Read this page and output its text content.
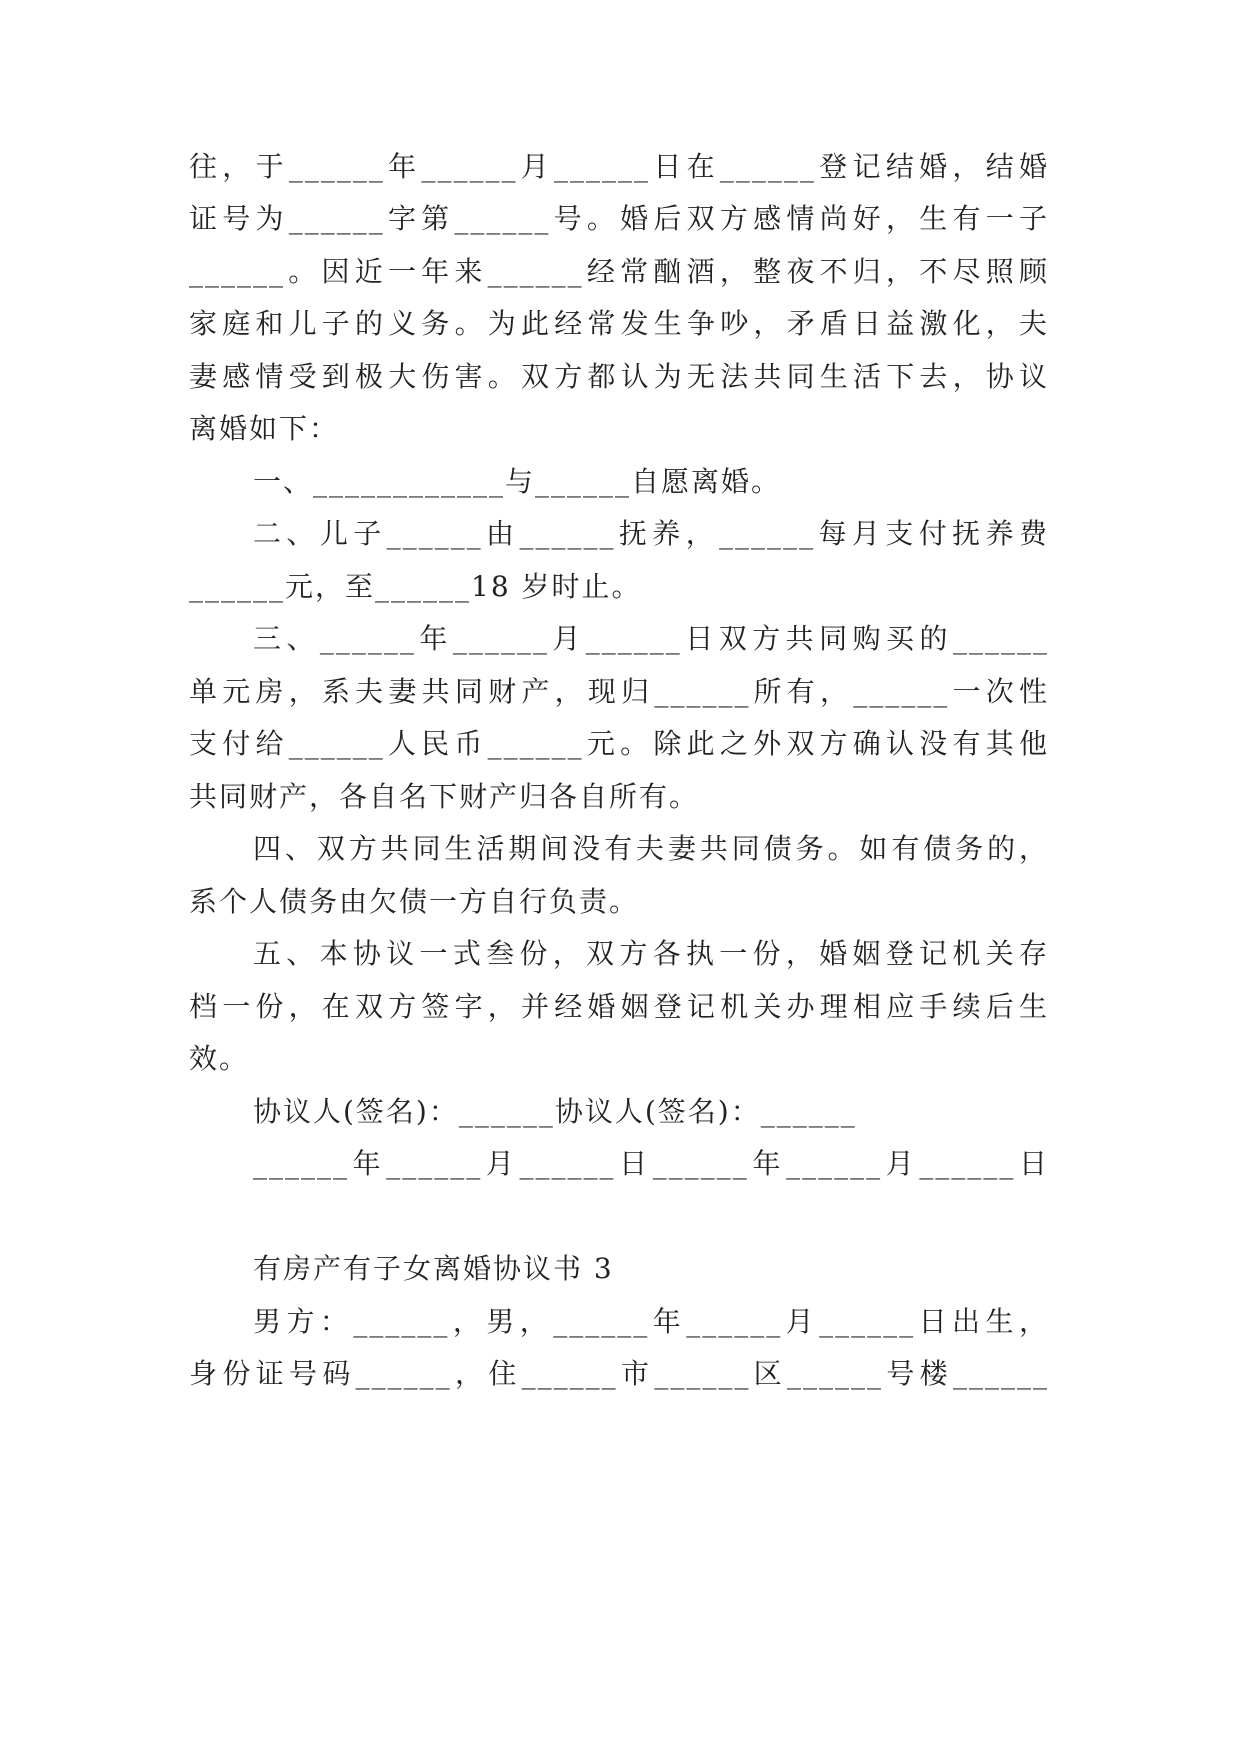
往，于______年______月______日在______登记结婚，结婚
证号为______字第______号。婚后双方感情尚好，生有一子
______。因近一年来______经常酗酒，整夜不归，不尽照顾
家庭和儿子的义务。为此经常发生争吵，矛盾日益激化，夫
妻感情受到极大伤害。双方都认为无法共同生活下去，协议
离婚如下：
一、____________与______自愿离婚。
二、儿子______由______抚养，______每月支付抚养费
______元，至______18 岁时止。
三、______年______月______日双方共同购买的______
单元房，系夫妻共同财产，现归______所有，______一次性
支付给______人民币______元。除此之外双方确认没有其他
共同财产，各自名下财产归各自所有。
四、双方共同生活期间没有夫妻共同债务。如有债务的，
系个人债务由欠债一方自行负责。
五、本协议一式叁份，双方各执一份，婚姻登记机关存
档一份，在双方签字，并经婚姻登记机关办理相应手续后生
效。
协议人(签名)：______协议人(签名)：______
______年______月______日______年______月______日
有房产有子女离婚协议书 3
男方：______，男，______年______月______日出生，
身份证号码______，住______市______区______号楼______
